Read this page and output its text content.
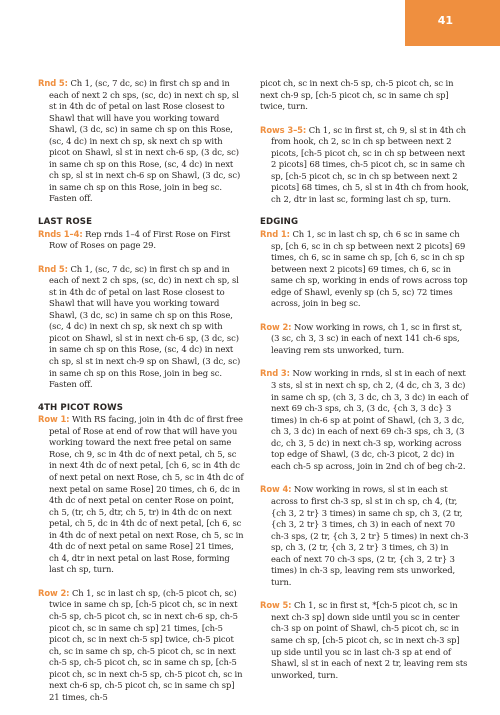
41

Rnd 5: Ch 1, (sc, 7 dc, sc) in first ch sp and in each of next 2 ch sps, (sc, dc) in next ch sp, sl st in 4th dc of petal on last Rose closest to Shawl that will have you working toward Shawl, (3 dc, sc) in same ch sp on this Rose, (sc, 4 dc) in next ch sp, sk next ch sp with picot on Shawl, sl st in next ch-6 sp, (3 dc, sc) in same ch sp on this Rose, (sc, 4 dc) in next ch sp, sl st in next ch-6 sp on Shawl, (3 dc, sc) in same ch sp on this Rose, join in beg sc. Fasten off.

LAST ROSE

Rnds 1–4: Rep rnds 1–4 of First Rose on First Row of Roses on page 29.

Rnd 5: Ch 1, (sc, 7 dc, sc) in first ch sp and in each of next 2 ch sps, (sc, dc) in next ch sp, sl st in 4th dc of petal on last Rose closest to Shawl that will have you working toward Shawl, (3 dc, sc) in same ch sp on this Rose, (sc, 4 dc) in next ch sp, sk next ch sp with picot on Shawl, sl st in next ch-6 sp, (3 dc, sc) in same ch sp on this Rose, (sc, 4 dc) in next ch sp, sl st in next ch-9 sp on Shawl, (3 dc, sc) in same ch sp on this Rose, join in beg sc. Fasten off.

4TH PICOT ROWS

Row 1: With RS facing, join in 4th dc of first free petal of Rose at end of row that will have you working toward the next free petal on same Rose, ch 9, sc in 4th dc of next petal, ch 5, sc in next 4th dc of next petal, [ch 6, sc in 4th dc of next petal on next Rose, ch 5, sc in 4th dc of next petal on same Rose] 20 times, ch 6, dc in 4th dc of next petal on center Rose on point, ch 5, (tr, ch 5, dtr, ch 5, tr) in 4th dc on next petal, ch 5, dc in 4th dc of next petal, [ch 6, sc in 4th dc of next petal on next Rose, ch 5, sc in 4th dc of next petal on same Rose] 21 times, ch 4, dtr in next petal on last Rose, forming last ch sp, turn.

Row 2: Ch 1, sc in last ch sp, (ch-5 picot ch, sc) twice in same ch sp, [ch-5 picot ch, sc in next ch-5 sp, ch-5 picot ch, sc in next ch-6 sp, ch-5 picot ch, sc in same ch sp] 21 times, [ch-5 picot ch, sc in next ch-5 sp] twice, ch-5 picot ch, sc in same ch sp, ch-5 picot ch, sc in next ch-5 sp, ch-5 picot ch, sc in same ch sp, [ch-5 picot ch, sc in next ch-5 sp, ch-5 picot ch, sc in next ch-6 sp, ch-5 picot ch, sc in same ch sp] 21 times, ch-5

picot ch, sc in next ch-5 sp, ch-5 picot ch, sc in next ch-9 sp, [ch-5 picot ch, sc in same ch sp] twice, turn.

Rows 3–5: Ch 1, sc in first st, ch 9, sl st in 4th ch from hook, ch 2, sc in ch sp between next 2 picots, [ch-5 picot ch, sc in ch sp between next 2 picots] 68 times, ch-5 picot ch, sc in same ch sp, [ch-5 picot ch, sc in ch sp between next 2 picots] 68 times, ch 5, sl st in 4th ch from hook, ch 2, dtr in last sc, forming last ch sp, turn.

EDGING

Rnd 1: Ch 1, sc in last ch sp, ch 6 sc in same ch sp, [ch 6, sc in ch sp between next 2 picots] 69 times, ch 6, sc in same ch sp, [ch 6, sc in ch sp between next 2 picots] 69 times, ch 6, sc in same ch sp, working in ends of rows across top edge of Shawl, evenly sp (ch 5, sc) 72 times across, join in beg sc.

Row 2: Now working in rows, ch 1, sc in first st, (3 sc, ch 3, 3 sc) in each of next 141 ch-6 sps, leaving rem sts unworked, turn.

Rnd 3: Now working in rnds, sl st in each of next 3 sts, sl st in next ch sp, ch 2, (4 dc, ch 3, 3 dc) in same ch sp, (ch 3, 3 dc, ch 3, 3 dc) in each of next 69 ch-3 sps, ch 3, (3 dc, {ch 3, 3 dc} 3 times) in ch-6 sp at point of Shawl, (ch 3, 3 dc, ch 3, 3 dc) in each of next 69 ch-3 sps, ch 3, (3 dc, ch 3, 5 dc) in next ch-3 sp, working across top edge of Shawl, (3 dc, ch-3 picot, 2 dc) in each ch-5 sp across, join in 2nd ch of beg ch-2.

Row 4: Now working in rows, sl st in each st across to first ch-3 sp, sl st in ch sp, ch 4, (tr, {ch 3, 2 tr} 3 times) in same ch sp, ch 3, (2 tr, {ch 3, 2 tr} 3 times, ch 3) in each of next 70 ch-3 sps, (2 tr, {ch 3, 2 tr} 5 times) in next ch-3 sp, ch 3, (2 tr, {ch 3, 2 tr} 3 times, ch 3) in each of next 70 ch-3 sps, (2 tr, {ch 3, 2 tr} 3 times) in ch-3 sp, leaving rem sts unworked, turn.

Row 5: Ch 1, sc in first st, *[ch-5 picot ch, sc in next ch-3 sp] down side until you sc in center ch-3 sp on point of Shawl, ch-5 picot ch, sc in same ch sp, [ch-5 picot ch, sc in next ch-3 sp] up side until you sc in last ch-3 sp at end of Shawl, sl st in each of next 2 tr, leaving rem sts unworked, turn.
